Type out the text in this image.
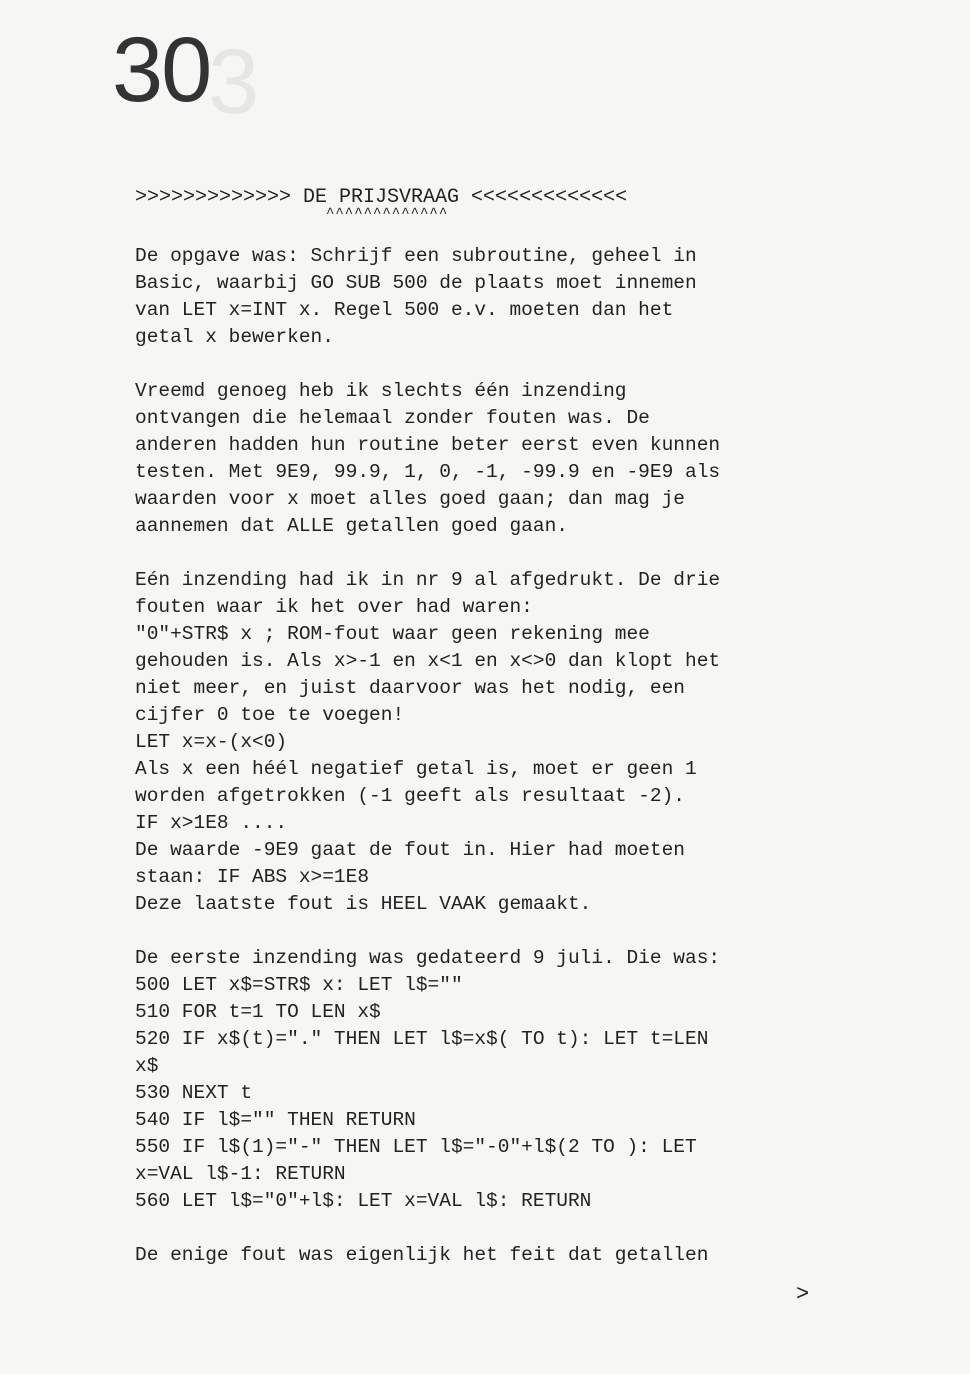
3
30
>>>>>>>>>>>>> DE PRIJSVRAAG <<<<<<<<<<<<<
^^^^^^^^^^^^^
De opgave was: Schrijf een subroutine, geheel in
Basic, waarbij GO SUB 500 de plaats moet innemen
van LET x=INT x. Regel 500 e.v. moeten dan het
getal x bewerken.
Vreemd genoeg heb ik slechts één inzending
ontvangen die helemaal zonder fouten was. De
anderen hadden hun routine beter eerst even kunnen
testen. Met 9E9, 99.9, 1, 0, -1, -99.9 en -9E9 als
waarden voor x moet alles goed gaan; dan mag je
aannemen dat ALLE getallen goed gaan.
Eén inzending had ik in nr 9 al afgedrukt. De drie
fouten waar ik het over had waren:
"0"+STR$ x ; ROM-fout waar geen rekening mee
gehouden is. Als x>-1 en x<1 en x<>0 dan klopt het
niet meer, en juist daarvoor was het nodig, een
cijfer 0 toe te voegen!
LET x=x-(x<0)
Als x een héél negatief getal is, moet er geen 1
worden afgetrokken (-1 geeft als resultaat -2).
IF x>1E8 ....
De waarde -9E9 gaat de fout in. Hier had moeten
staan: IF ABS x>=1E8
Deze laatste fout is HEEL VAAK gemaakt.
De eerste inzending was gedateerd 9 juli. Die was:
500 LET x$=STR$ x: LET l$=""
510 FOR t=1 TO LEN x$
520 IF x$(t)="." THEN LET l$=x$( TO t): LET t=LEN
x$
530 NEXT t
540 IF l$="" THEN RETURN
550 IF l$(1)="-" THEN LET l$="-0"+l$(2 TO ): LET
x=VAL l$-1: RETURN
560 LET l$="0"+l$: LET x=VAL l$: RETURN
De enige fout was eigenlijk het feit dat getallen
>
